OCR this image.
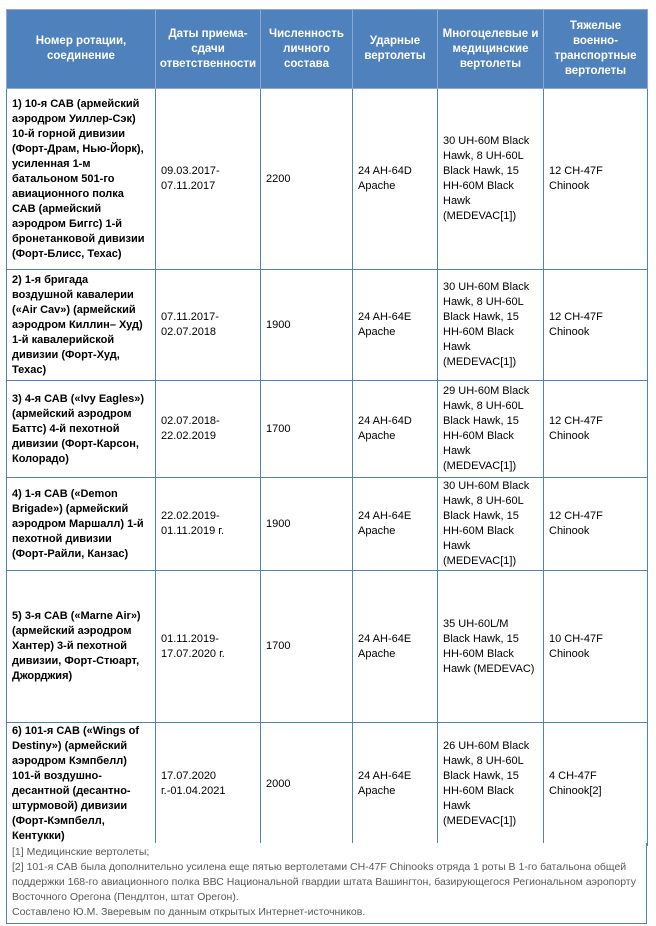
Номер ротации, соединение	Даты приема-сдачи ответственности	Численность личного состава	Ударные вертолеты	Многоцелевые и медицинские вертолеты	Тяжелые военно-транспортные вертолеты
1) 10-я САВ (армейский аэродром Уиллер-Сэк) 10-й горной дивизии (Форт-Драм, Нью-Йорк), усиленная 1-м батальоном 501-го авиационного полка САВ (армейский аэродром Биггс) 1-й бронетанковой дивизии (Форт-Блисс, Техас)	09.03.2017-07.11.2017	2200	24 AH-64D Apache	30 UH-60M Black Hawk, 8 UH-60L Black Hawk, 15 HH-60M Black Hawk (MEDEVAC[1])	12 CH-47F Chinook
2) 1-я бригада воздушной кавалерии («Air Cav») (армейский аэродром Киллин– Худ) 1-й кавалерийской дивизии (Форт-Худ, Техас)	07.11.2017-02.07.2018	1900	24 AH-64E Apache	30 UH-60M Black Hawk, 8 UH-60L Black Hawk, 15 HH-60M Black Hawk (MEDEVAC[1])	12 CH-47F Chinook
3) 4-я САВ («Ivy Eagles») (армейский аэродром Баттс) 4-й пехотной дивизии (Форт-Карсон, Колорадо)	02.07.2018-22.02.2019	1700	24 AH-64D Apache	29 UH-60M Black Hawk, 8 UH-60L Black Hawk, 15 HH-60M Black Hawk (MEDEVAC[1])	12 CH-47F Chinook
4) 1-я САВ («Demon Brigade») (армейский аэродром Маршалл) 1-й пехотной дивизии (Форт-Райли, Канзас)	22.02.2019-01.11.2019 г.	1900	24 AH-64E Apache	30 UH-60M Black Hawk, 8 UH-60L Black Hawk, 15 HH-60M Black Hawk (MEDEVAC[1])	12 CH-47F Chinook
5) 3-я САВ («Marne Air») (армейский аэродром Хантер) 3-й пехотной дивизии, Форт-Стюарт, Джорджия)	01.11.2019-17.07.2020 г.	1700	24 AH-64E Apache	35 UH-60L/M Black Hawk, 15 HH-60M Black Hawk (MEDEVAC)	10 CH-47F Chinook
6) 101-я САВ («Wings of Destiny») (армейский аэродром Кэмпбелл) 101-й воздушно-десантной (десантно-штурмовой) дивизии (Форт-Кэмпбелл, Кентукки)	17.07.2020 г.-01.04.2021	2000	24 AH-64E Apache	26 UH-60M Black Hawk, 8 UH-60L Black Hawk, 15 HH-60M Black Hawk (MEDEVAC[1])	4 CH-47F Chinook[2]
[1] Медицинские вертолеты;
[2] 101-я САВ была дополнительно усилена еще пятью вертолетами CH-47F Chinooks отряда 1 роты В 1-го батальона общей поддержки 168-го авиационного полка ВВС Национальной гвардии штата Вашингтон, базирующегося Региональном аэропорту Восточного Орегона (Пендлтон, штат Орегон).
Составлено Ю.М. Зверевым по данным открытых Интернет-источников.
